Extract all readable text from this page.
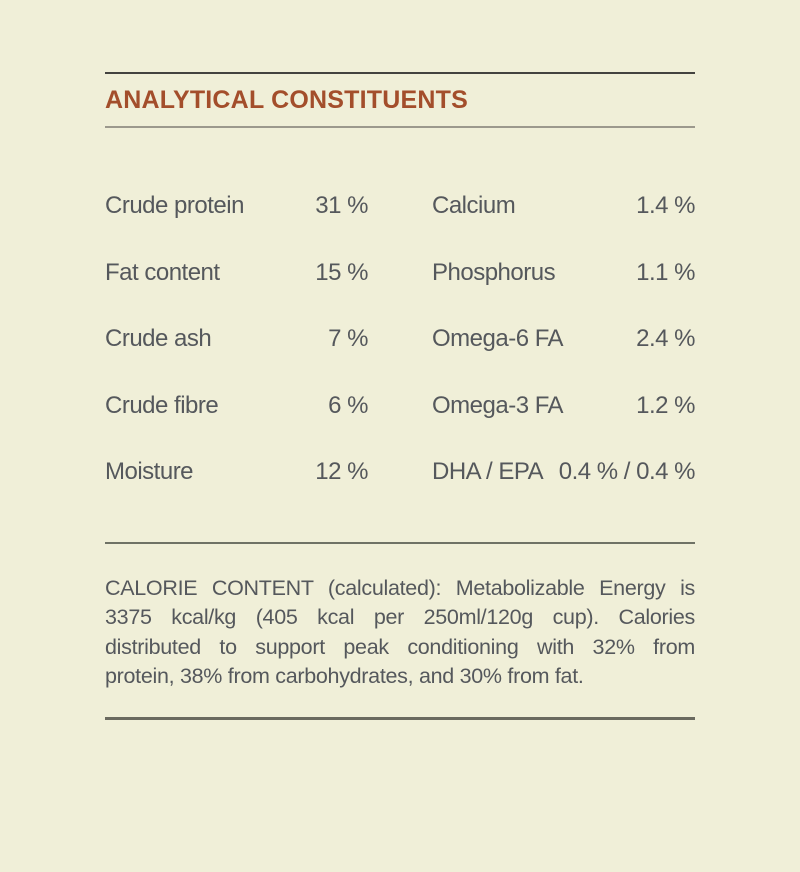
ANALYTICAL CONSTITUENTS
Crude protein	31 %	Calcium	1.4 %
Fat content	15 %	Phosphorus	1.1 %
Crude ash	7 %	Omega-6 FA	2.4 %
Crude fibre	6 %	Omega-3 FA	1.2 %
Moisture	12 %	DHA / EPA 0.4 % / 0.4 %
CALORIE CONTENT (calculated): Metabolizable Energy is
3375 kcal/kg (405 kcal per 250ml/120g cup). Calories
distributed to support peak conditioning with 32% from
protein, 38% from carbohydrates, and 30% from fat.
